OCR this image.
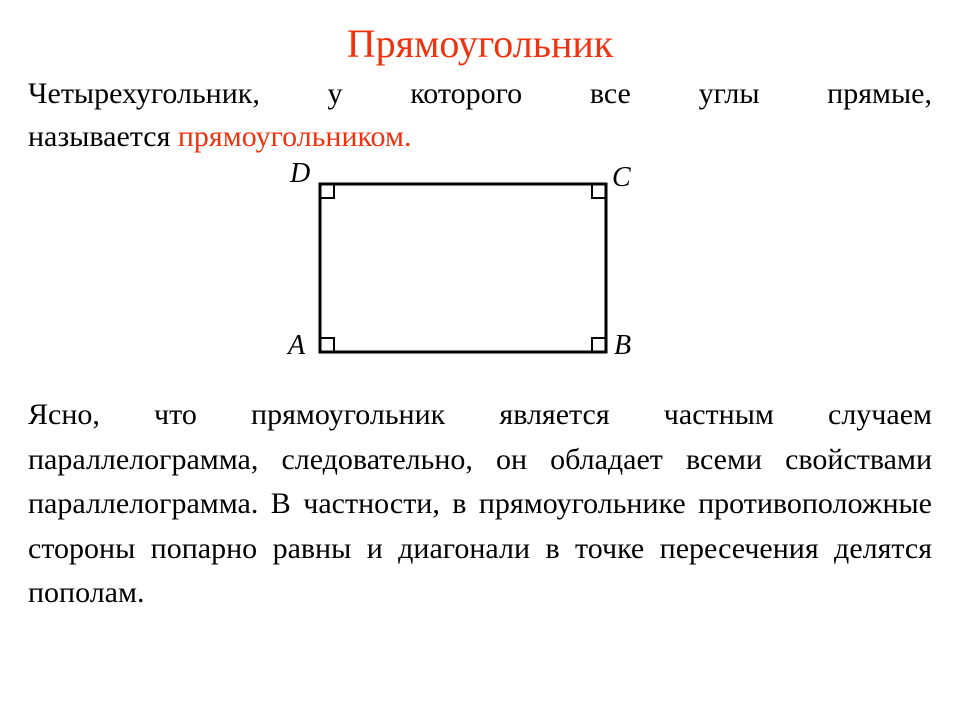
Прямоугольник
Четырехугольник, у которого все углы прямые,
называется прямоугольником.
D	C
A	B
Ясно, что прямоугольник является частным случаем параллелограмма, следовательно, он обладает всеми свойствами параллелограмма. В частности, в прямоугольнике противоположные стороны попарно равны и диагонали в точке пересечения делятся пополам.
